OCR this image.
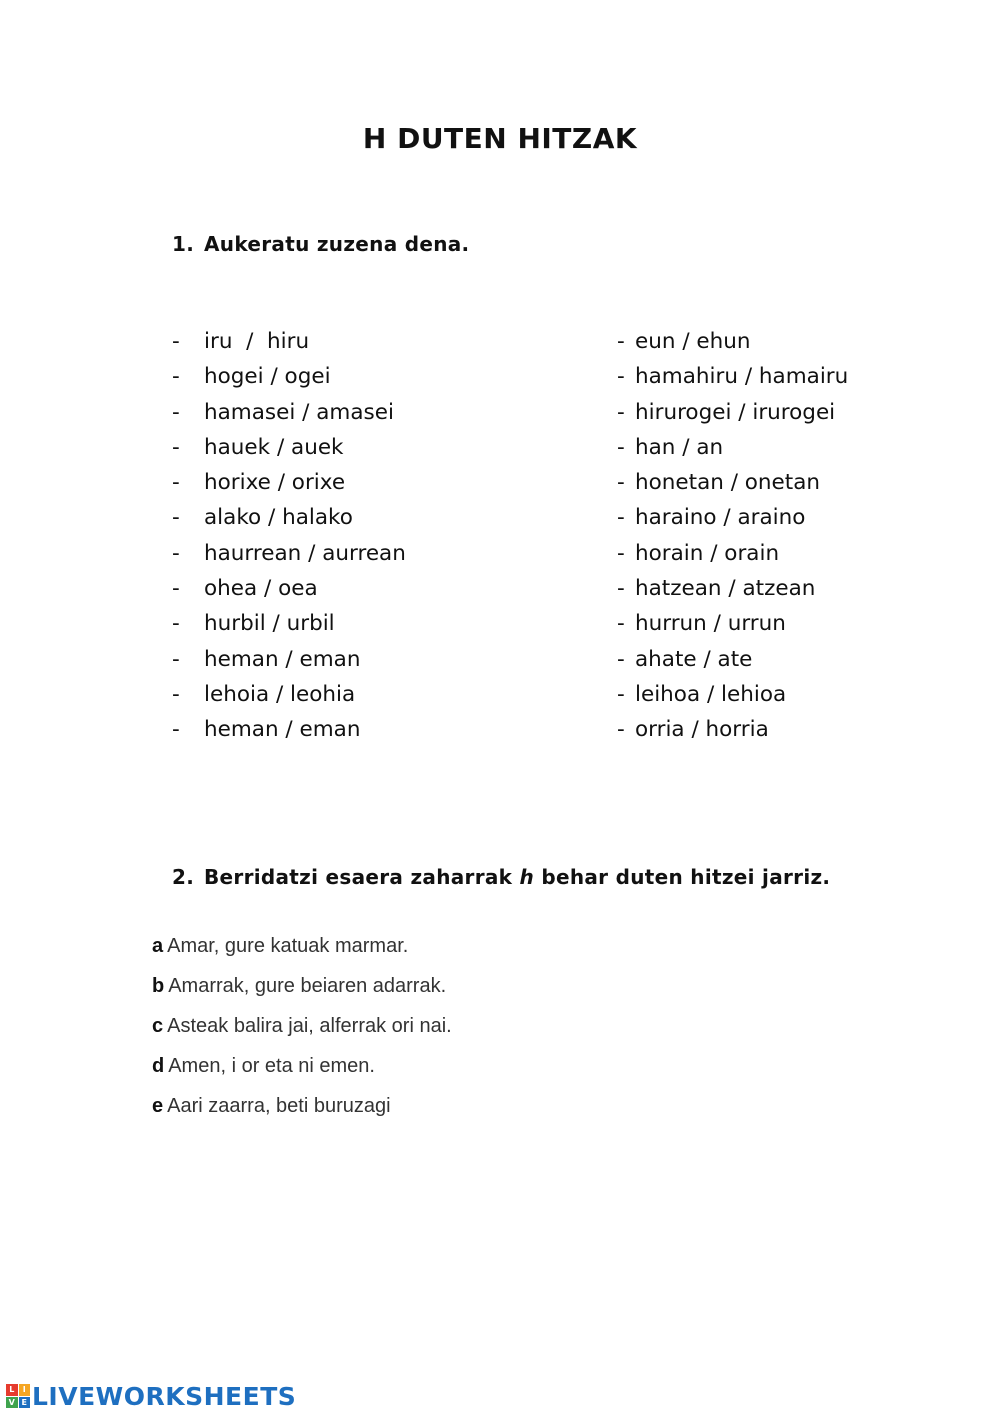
H DUTEN HITZAK
1. Aukeratu zuzena dena.
- iru  /  hiru
- hogei / ogei
- hamasei / amasei
- hauek / auek
- horixe / orixe
- alako / halako
- haurrean / aurrean
- ohea / oea
- hurbil / urbil
- heman / eman
- lehoia / leohia
- heman / eman
- eun / ehun
- hamahiru / hamairu
- hirurogei / irurogei
- han / an
- honetan / onetan
- haraino / araino
- horain / orain
- hatzean / atzean
- hurrun / urrun
- ahate / ate
- leihoa / lehioa
- orria / horria
2. Berridatzi esaera zaharrak h behar duten hitzei jarriz.
a Amar, gure katuak marmar.
b Amarrak, gure beiaren adarrak.
c Asteak balira jai, alferrak ori nai.
d Amen, i or eta ni emen.
e Aari zaarra, beti buruzagi
L	I
V E LIVEWORKSHEETS
